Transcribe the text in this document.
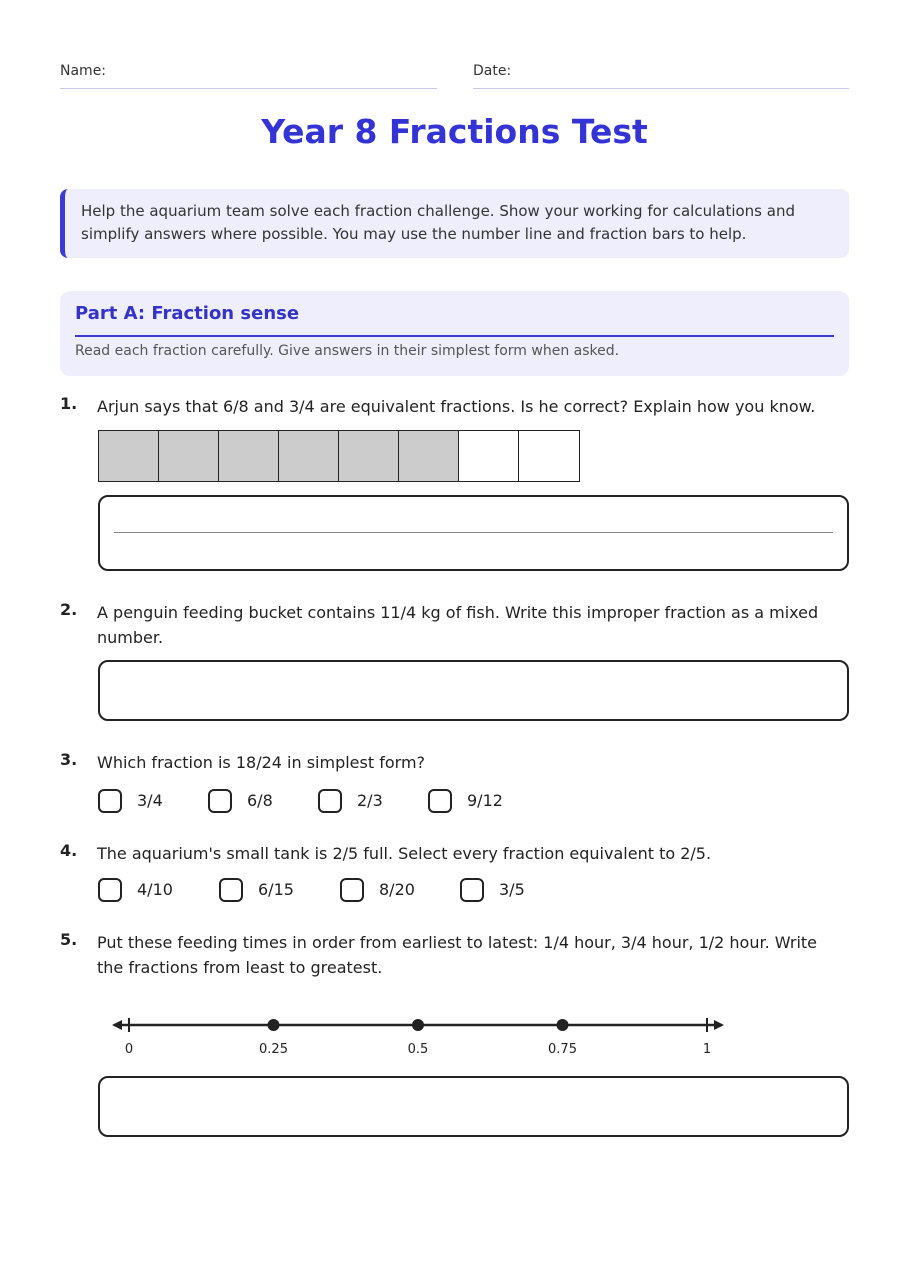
Name:	Date:
Year 8 Fractions Test

Help the aquarium team solve each fraction challenge. Show your working for calculations and simplify answers where possible. You may use the number line and fraction bars to help.

Part A: Fraction sense

Read each fraction carefully. Give answers in their simplest form when asked.

1. Arjun says that 6/8 and 3/4 are equivalent fractions. Is he correct? Explain how you know.
2. A penguin feeding bucket contains 11/4 kg of fish. Write this improper fraction as a mixed number.
3. Which fraction is 18/24 in simplest form?
3/4	6/8	2/3	9/12
4. The aquarium's small tank is 2/5 full. Select every fraction equivalent to 2/5.
4/10	6/15	8/20	3/5
5. Put these feeding times in order from earliest to latest: 1/4 hour, 3/4 hour, 1/2 hour. Write the fractions from least to greatest.
0	0.25	0.5	0.75	1
